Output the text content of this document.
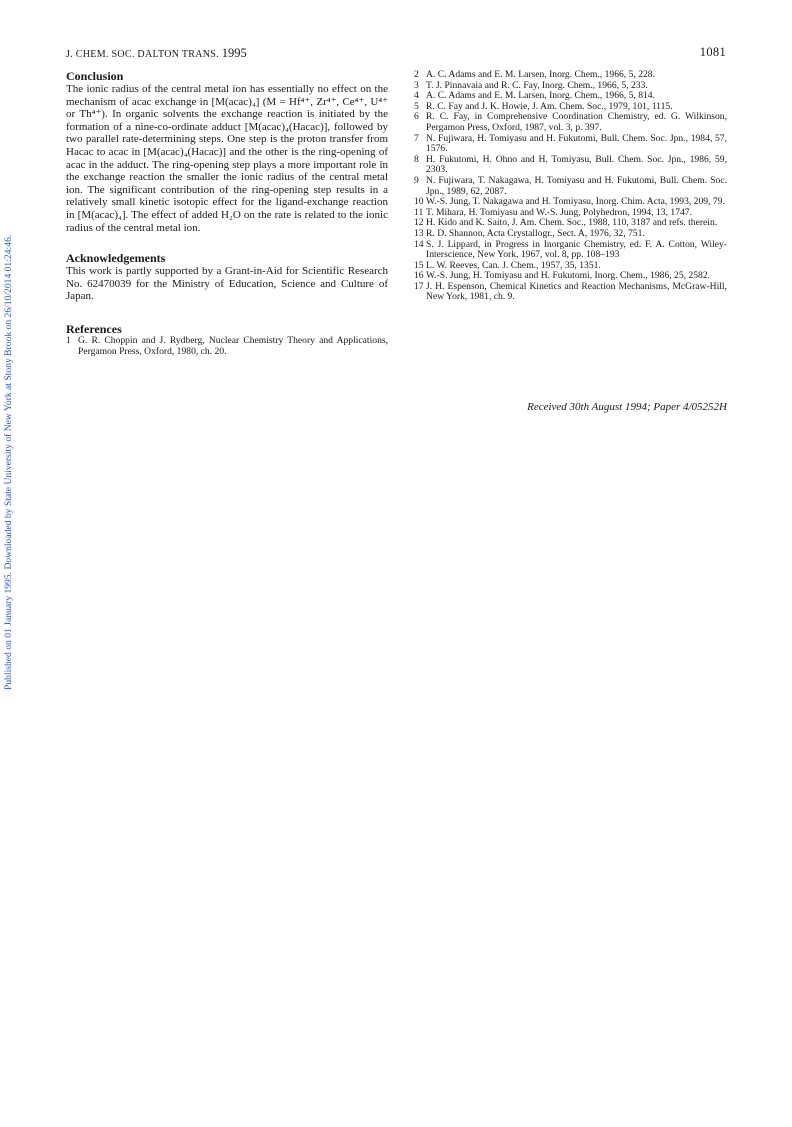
Published on 01 January 1995. Downloaded by State University of New York at Stony Brook on 26/10/2014 01:24:46.
J. CHEM. SOC. DALTON TRANS. 1995	1081
Conclusion

The ionic radius of the central metal ion has essentially no effect on the mechanism of acac exchange in [M(acac)₄] (M = Hf⁴⁺, Zr⁴⁺, Ce⁴⁺, U⁴⁺ or Th⁴⁺). In organic solvents the exchange reaction is initiated by the formation of a nine-co-ordinate adduct [M(acac)₄(Hacac)], followed by two parallel rate-determining steps. One step is the proton transfer from Hacac to acac in [M(acac)₄(Hacac)] and the other is the ring-opening of acac in the adduct. The ring-opening step plays a more important role in the exchange reaction the smaller the ionic radius of the central metal ion. The significant contribution of the ring-opening step results in a relatively small kinetic isotopic effect for the ligand-exchange reaction in [M(acac)₄]. The effect of added H₂O on the rate is related to the ionic radius of the central metal ion.

Acknowledgements

This work is partly supported by a Grant-in-Aid for Scientific Research No. 62470039 for the Ministry of Education, Science and Culture of Japan.

References
1 G. R. Choppin and J. Rydberg, Nuclear Chemistry Theory and Applications, Pergamon Press, Oxford, 1980, ch. 20.
2 A. C. Adams and E. M. Larsen, Inorg. Chem., 1966, 5, 228.
3 T. J. Pinnavaia and R. C. Fay, Inorg. Chem., 1966, 5, 233.
4 A. C. Adams and E. M. Larsen, Inorg. Chem., 1966, 5, 814.
5 R. C. Fay and J. K. Howie, J. Am. Chem. Soc., 1979, 101, 1115.
6 R. C. Fay, in Comprehensive Coordination Chemistry, ed. G. Wilkinson, Pergamon Press, Oxford, 1987, vol. 3, p. 397.
7 N. Fujiwara, H. Tomiyasu and H. Fukutomi, Bull. Chem. Soc. Jpn., 1984, 57, 1576.
8 H. Fukutomi, H. Ohno and H. Tomiyasu, Bull. Chem. Soc. Jpn., 1986, 59, 2303.
9 N. Fujiwara, T. Nakagawa, H. Tomiyasu and H. Fukutomi, Bull. Chem. Soc. Jpn., 1989, 62, 2087.
10 W.-S. Jung, T. Nakagawa and H. Tomiyasu, Inorg. Chim. Acta, 1993, 209, 79.
11 T. Mihara, H. Tomiyasu and W.-S. Jung, Polyhedron, 1994, 13, 1747.
12 H. Kido and K. Saito, J. Am. Chem. Soc., 1988, 110, 3187 and refs. therein.
13 R. D. Shannon, Acta Crystallogr., Sect. A, 1976, 32, 751.
14 S. J. Lippard, in Progress in Inorganic Chemistry, ed. F. A. Cotton, Wiley-Interscience, New York, 1967, vol. 8, pp. 108–193
15 L. W. Reeves, Can. J. Chem., 1957, 35, 1351.
16 W.-S. Jung, H. Tomiyasu and H. Fukutomi, Inorg. Chem., 1986, 25, 2582.
17 J. H. Espenson, Chemical Kinetics and Reaction Mechanisms, McGraw-Hill, New York, 1981, ch. 9.
Received 30th August 1994; Paper 4/05252H
